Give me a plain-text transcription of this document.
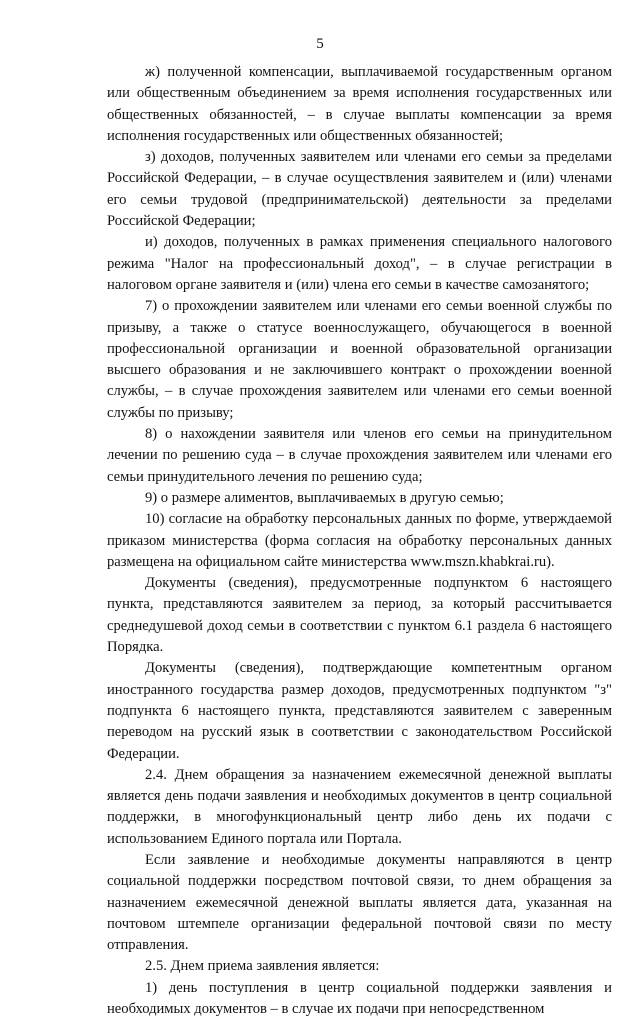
5

ж) полученной компенсации, выплачиваемой государственным органом или общественным объединением за время исполнения государственных или общественных обязанностей, – в случае выплаты компенсации за время исполнения государственных или общественных обязанностей;

з) доходов, полученных заявителем или членами его семьи за пределами Российской Федерации, – в случае осуществления заявителем и (или) членами его семьи трудовой (предпринимательской) деятельности за пределами Российской Федерации;

и) доходов, полученных в рамках применения специального налогового режима "Налог на профессиональный доход", – в случае регистрации в налоговом органе заявителя и (или) члена его семьи в качестве самозанятого;

7) о прохождении заявителем или членами его семьи военной службы по призыву, а также о статусе военнослужащего, обучающегося в военной профессиональной организации и военной образовательной организации высшего образования и не заключившего контракт о прохождении военной службы, – в случае прохождения заявителем или членами его семьи военной службы по призыву;

8) о нахождении заявителя или членов его семьи на принудительном лечении по решению суда – в случае прохождения заявителем или членами его семьи принудительного лечения по решению суда;

9) о размере алиментов, выплачиваемых в другую семью;

10) согласие на обработку персональных данных по форме, утверждаемой приказом министерства (форма согласия на обработку персональных данных размещена на официальном сайте министерства www.mszn.khabkrai.ru).

Документы (сведения), предусмотренные подпунктом 6 настоящего пункта, представляются заявителем за период, за который рассчитывается среднедушевой доход семьи в соответствии с пунктом 6.1 раздела 6 настоящего Порядка.

Документы (сведения), подтверждающие компетентным органом иностранного государства размер доходов, предусмотренных подпунктом "з" подпункта 6 настоящего пункта, представляются заявителем с заверенным переводом на русский язык в соответствии с законодательством Российской Федерации.

2.4. Днем обращения за назначением ежемесячной денежной выплаты является день подачи заявления и необходимых документов в центр социальной поддержки, в многофункциональный центр либо день их подачи с использованием Единого портала или Портала.

Если заявление и необходимые документы направляются в центр социальной поддержки посредством почтовой связи, то днем обращения за назначением ежемесячной денежной выплаты является дата, указанная на почтовом штемпеле организации федеральной почтовой связи по месту отправления.

2.5. Днем приема заявления является:

1) день поступления в центр социальной поддержки заявления и необходимых документов – в случае их подачи при непосредственном
